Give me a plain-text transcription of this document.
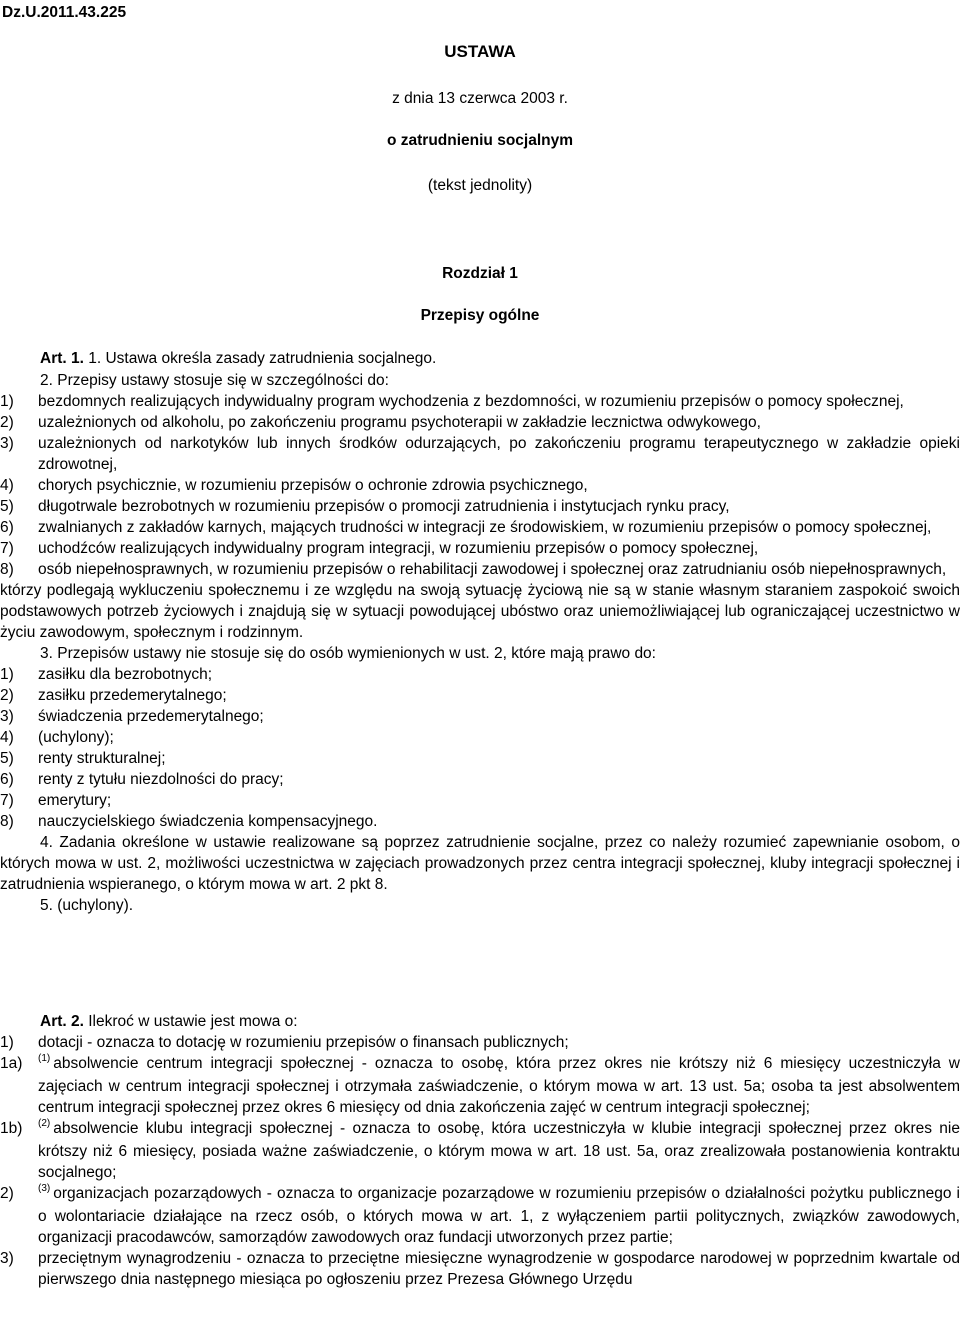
Dz.U.2011.43.225
USTAWA
z dnia 13 czerwca 2003 r.
o zatrudnieniu socjalnym
(tekst jednolity)
Rozdział 1
Przepisy ogólne
Art. 1. 1. Ustawa określa zasady zatrudnienia socjalnego.
2. Przepisy ustawy stosuje się w szczególności do:
1) bezdomnych realizujących indywidualny program wychodzenia z bezdomności, w rozumieniu przepisów o pomocy społecznej,
2) uzależnionych od alkoholu, po zakończeniu programu psychoterapii w zakładzie lecznictwa odwykowego,
3) uzależnionych od narkotyków lub innych środków odurzających, po zakończeniu programu terapeutycznego w zakładzie opieki zdrowotnej,
4) chorych psychicznie, w rozumieniu przepisów o ochronie zdrowia psychicznego,
5) długotrwale bezrobotnych w rozumieniu przepisów o promocji zatrudnienia i instytucjach rynku pracy,
6) zwalnianych z zakładów karnych, mających trudności w integracji ze środowiskiem, w rozumieniu przepisów o pomocy społecznej,
7) uchodźców realizujących indywidualny program integracji, w rozumieniu przepisów o pomocy społecznej,
8) osób niepełnosprawnych, w rozumieniu przepisów o rehabilitacji zawodowej i społecznej oraz zatrudnianiu osób niepełnosprawnych,
którzy podlegają wykluczeniu społecznemu i ze względu na swoją sytuację życiową nie są w stanie własnym staraniem zaspokoić swoich podstawowych potrzeb życiowych i znajdują się w sytuacji powodującej ubóstwo oraz uniemożliwiającej lub ograniczającej uczestnictwo w życiu zawodowym, społecznym i rodzinnym.
3. Przepisów ustawy nie stosuje się do osób wymienionych w ust. 2, które mają prawo do:
1) zasiłku dla bezrobotnych;
2) zasiłku przedemerytalnego;
3) świadczenia przedemerytalnego;
4) (uchylony);
5) renty strukturalnej;
6) renty z tytułu niezdolności do pracy;
7) emerytury;
8) nauczycielskiego świadczenia kompensacyjnego.
4. Zadania określone w ustawie realizowane są poprzez zatrudnienie socjalne, przez co należy rozumieć zapewnianie osobom, o których mowa w ust. 2, możliwości uczestnictwa w zajęciach prowadzonych przez centra integracji społecznej, kluby integracji społecznej i zatrudnienia wspieranego, o którym mowa w art. 2 pkt 8.
5. (uchylony).
Art. 2. Ilekroć w ustawie jest mowa o:
1) dotacji - oznacza to dotację w rozumieniu przepisów o finansach publicznych;
1a) $^{(1)}$ absolwencie centrum integracji społecznej - oznacza to osobę, która przez okres nie krótszy niż 6 miesięcy uczestniczyła w zajęciach w centrum integracji społecznej i otrzymała zaświadczenie, o którym mowa w art. 13 ust. 5a; osoba ta jest absolwentem centrum integracji społecznej przez okres 6 miesięcy od dnia zakończenia zajęć w centrum integracji społecznej;
1b) $^{(2)}$ absolwencie klubu integracji społecznej - oznacza to osobę, która uczestniczyła w klubie integracji społecznej przez okres nie krótszy niż 6 miesięcy, posiada ważne zaświadczenie, o którym mowa w art. 18 ust. 5a, oraz zrealizowała postanowienia kontraktu socjalnego;
2) $^{(3)}$ organizacjach pozarządowych - oznacza to organizacje pozarządowe w rozumieniu przepisów o działalności pożytku publicznego i o wolontariacie działające na rzecz osób, o których mowa w art. 1, z wyłączeniem partii politycznych, związków zawodowych, organizacji pracodawców, samorządów zawodowych oraz fundacji utworzonych przez partie;
3) przeciętnym wynagrodzeniu - oznacza to przeciętne miesięczne wynagrodzenie w gospodarce narodowej w poprzednim kwartale od pierwszego dnia następnego miesiąca po ogłoszeniu przez Prezesa Głównego Urzędu
